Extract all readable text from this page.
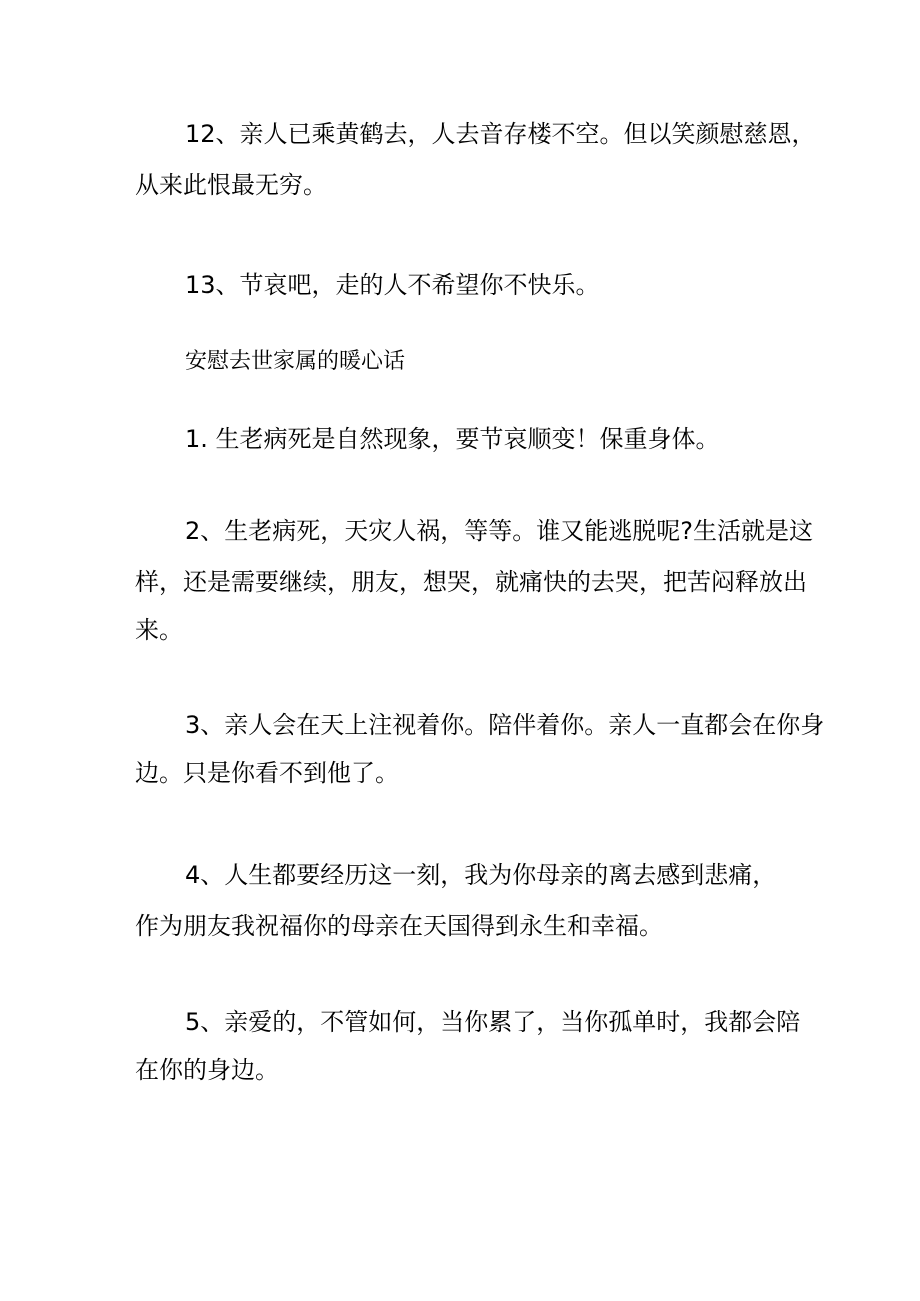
12、亲人已乘黄鹤去，人去音存楼不空。但以笑颜慰慈恩，

从来此恨最无穷。

13、节哀吧，走的人不希望你不快乐。

安慰去世家属的暖心话

1. 生老病死是自然现象，要节哀顺变！保重身体。

2、生老病死，天灾人祸，等等。谁又能逃脱呢?生活就是这

样，还是需要继续，朋友，想哭，就痛快的去哭，把苦闷释放出

来。

3、亲人会在天上注视着你。陪伴着你。亲人一直都会在你身

边。只是你看不到他了。

4、人生都要经历这一刻，我为你母亲的离去感到悲痛，

作为朋友我祝福你的母亲在天国得到永生和幸福。

5、亲爱的，不管如何，当你累了，当你孤单时，我都会陪

在你的身边。
